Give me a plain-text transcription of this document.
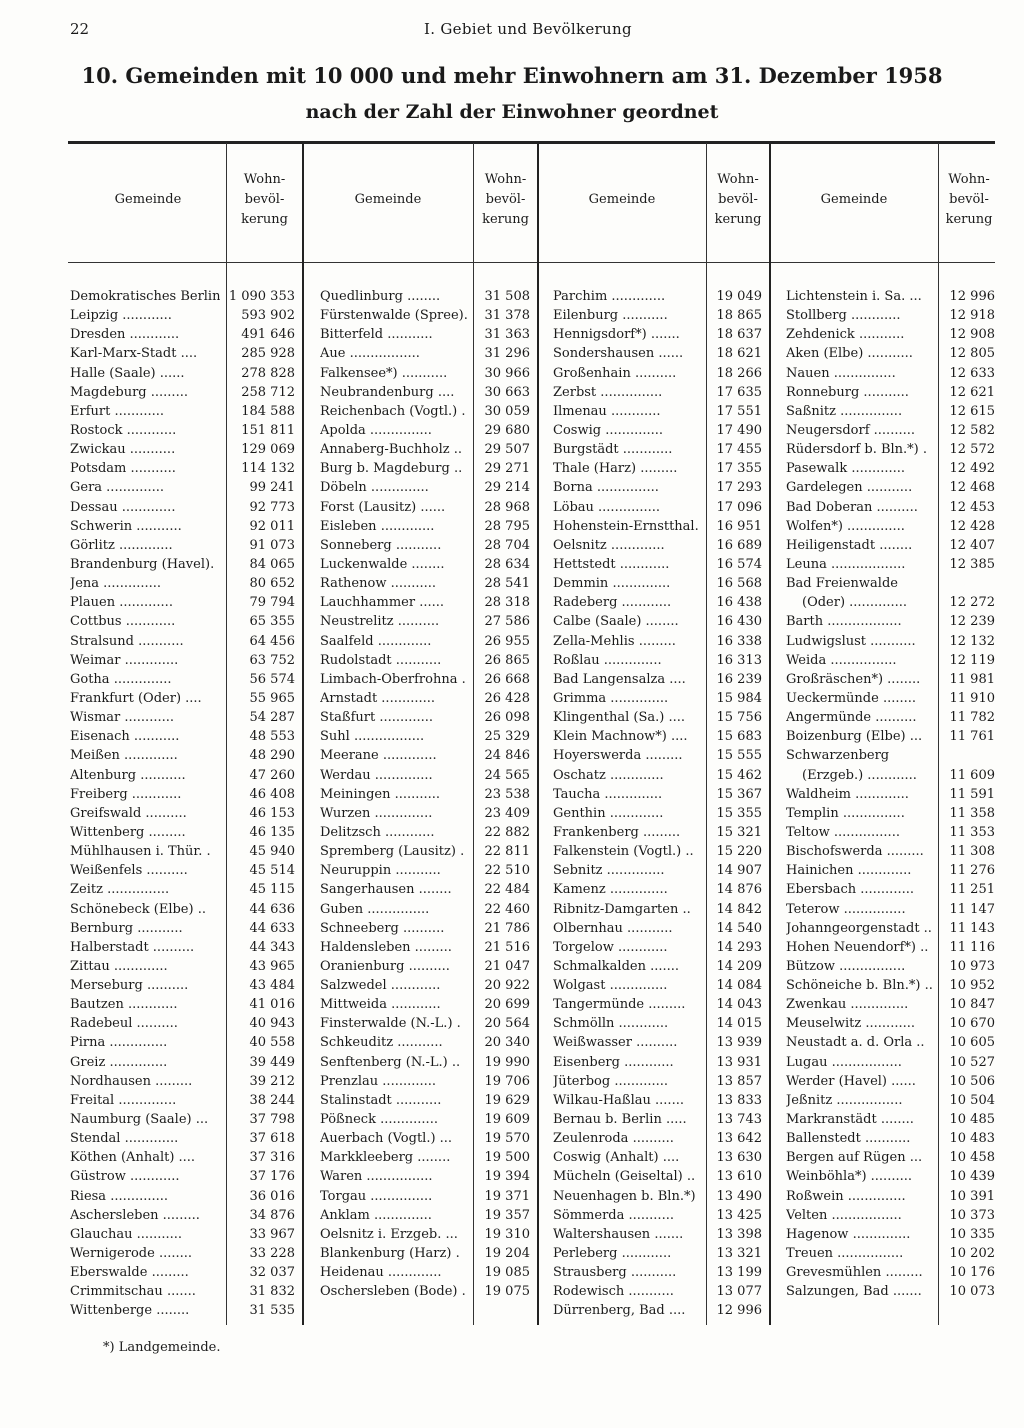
22	I. Gebiet und Bevölkerung
10. Gemeinden mit 10 000 und mehr Einwohnern am 31. Dezember 1958
nach der Zahl der Einwohner geordnet
Gemeinde
Wohn-
bevöl-
kerung
Gemeinde
Wohn-
bevöl-
kerung
Gemeinde
Wohn-
bevöl-
kerung
Gemeinde
Wohn-
bevöl-
kerung
Demokratisches Berlin
Leipzig ............
Dresden ............
Karl-Marx-Stadt ....
Halle (Saale) ......
Magdeburg .........
Erfurt ............
Rostock ............
Zwickau ...........
Potsdam ...........
Gera ..............
Dessau .............
Schwerin ...........
Görlitz .............
Brandenburg (Havel).
Jena ..............
Plauen .............
Cottbus ............
Stralsund ...........
Weimar .............
Gotha ..............
Frankfurt (Oder) ....
Wismar ............
Eisenach ...........
Meißen .............
Altenburg ...........
Freiberg ............
Greifswald ..........
Wittenberg .........
Mühlhausen i. Thür. .
Weißenfels ..........
Zeitz ...............
Schönebeck (Elbe) ..
Bernburg ...........
Halberstadt ..........
Zittau .............
Merseburg ..........
Bautzen ............
Radebeul ..........
Pirna ..............
Greiz ..............
Nordhausen .........
Freital ..............
Naumburg (Saale) ...
Stendal .............
Köthen (Anhalt) ....
Güstrow ............
Riesa ..............
Aschersleben .........
Glauchau ...........
Wernigerode ........
Eberswalde .........
Crimmitschau .......
Wittenberge ........
1 090 353
593 902
491 646
285 928
278 828
258 712
184 588
151 811
129 069
114 132
99 241
92 773
92 011
91 073
84 065
80 652
79 794
65 355
64 456
63 752
56 574
55 965
54 287
48 553
48 290
47 260
46 408
46 153
46 135
45 940
45 514
45 115
44 636
44 633
44 343
43 965
43 484
41 016
40 943
40 558
39 449
39 212
38 244
37 798
37 618
37 316
37 176
36 016
34 876
33 967
33 228
32 037
31 832
31 535
Quedlinburg ........
Fürstenwalde (Spree).
Bitterfeld ...........
Aue .................
Falkensee*) ...........
Neubrandenburg ....
Reichenbach (Vogtl.) .
Apolda ...............
Annaberg-Buchholz ..
Burg b. Magdeburg ..
Döbeln ..............
Forst (Lausitz) ......
Eisleben .............
Sonneberg ...........
Luckenwalde ........
Rathenow ...........
Lauchhammer ......
Neustrelitz ..........
Saalfeld .............
Rudolstadt ...........
Limbach-Oberfrohna .
Arnstadt .............
Staßfurt .............
Suhl .................
Meerane .............
Werdau ..............
Meiningen ...........
Wurzen ..............
Delitzsch ............
Spremberg (Lausitz) .
Neuruppin ...........
Sangerhausen ........
Guben ...............
Schneeberg ..........
Haldensleben .........
Oranienburg ..........
Salzwedel ............
Mittweida ............
Finsterwalde (N.-L.) .
Schkeuditz ...........
Senftenberg (N.-L.) ..
Prenzlau .............
Stalinstadt ...........
Pößneck ..............
Auerbach (Vogtl.) ...
Markkleeberg ........
Waren ................
Torgau ...............
Anklam ..............
Oelsnitz i. Erzgeb. ...
Blankenburg (Harz) .
Heidenau .............
Oschersleben (Bode) .
31 508
31 378
31 363
31 296
30 966
30 663
30 059
29 680
29 507
29 271
29 214
28 968
28 795
28 704
28 634
28 541
28 318
27 586
26 955
26 865
26 668
26 428
26 098
25 329
24 846
24 565
23 538
23 409
22 882
22 811
22 510
22 484
22 460
21 786
21 516
21 047
20 922
20 699
20 564
20 340
19 990
19 706
19 629
19 609
19 570
19 500
19 394
19 371
19 357
19 310
19 204
19 085
19 075
Parchim .............
Eilenburg ...........
Hennigsdorf*) .......
Sondershausen ......
Großenhain ..........
Zerbst ...............
Ilmenau ............
Coswig ..............
Burgstädt ............
Thale (Harz) .........
Borna ...............
Löbau ...............
Hohenstein-Ernstthal.
Oelsnitz .............
Hettstedt ............
Demmin ..............
Radeberg ............
Calbe (Saale) ........
Zella-Mehlis .........
Roßlau ..............
Bad Langensalza ....
Grimma ..............
Klingenthal (Sa.) ....
Klein Machnow*) ....
Hoyerswerda .........
Oschatz .............
Taucha ..............
Genthin .............
Frankenberg .........
Falkenstein (Vogtl.) ..
Sebnitz ..............
Kamenz ..............
Ribnitz-Damgarten ..
Olbernhau ...........
Torgelow ............
Schmalkalden .......
Wolgast ..............
Tangermünde .........
Schmölln ............
Weißwasser ..........
Eisenberg ............
Jüterbog .............
Wilkau-Haßlau .......
Bernau b. Berlin .....
Zeulenroda ..........
Coswig (Anhalt) ....
Mücheln (Geiseltal) ..
Neuenhagen b. Bln.*)
Sömmerda ...........
Waltershausen .......
Perleberg ............
Strausberg ...........
Rodewisch ...........
Dürrenberg, Bad ....
19 049
18 865
18 637
18 621
18 266
17 635
17 551
17 490
17 455
17 355
17 293
17 096
16 951
16 689
16 574
16 568
16 438
16 430
16 338
16 313
16 239
15 984
15 756
15 683
15 555
15 462
15 367
15 355
15 321
15 220
14 907
14 876
14 842
14 540
14 293
14 209
14 084
14 043
14 015
13 939
13 931
13 857
13 833
13 743
13 642
13 630
13 610
13 490
13 425
13 398
13 321
13 199
13 077
12 996
Lichtenstein i. Sa. ...
Stollberg ............
Zehdenick ...........
Aken (Elbe) ...........
Nauen ...............
Ronneburg ...........
Saßnitz ...............
Neugersdorf ..........
Rüdersdorf b. Bln.*) .
Pasewalk .............
Gardelegen ...........
Bad Doberan ..........
Wolfen*) ..............
Heiligenstadt ........
Leuna ..................
Bad Freienwalde
(Oder) ..............
Barth ..................
Ludwigslust ...........
Weida ................
Großräschen*) ........
Ueckermünde ........
Angermünde ..........
Boizenburg (Elbe) ...
Schwarzenberg
(Erzgeb.) ............
Waldheim .............
Templin ...............
Teltow ................
Bischofswerda .........
Hainichen .............
Ebersbach .............
Teterow ...............
Johanngeorgenstadt ..
Hohen Neuendorf*) ..
Bützow ................
Schöneiche b. Bln.*) ..
Zwenkau ..............
Meuselwitz ............
Neustadt a. d. Orla ..
Lugau .................
Werder (Havel) ......
Jeßnitz ................
Markranstädt ........
Ballenstedt ...........
Bergen auf Rügen ...
Weinböhla*) ..........
Roßwein ..............
Velten .................
Hagenow ..............
Treuen ................
Grevesmühlen .........
Salzungen, Bad .......
12 996
12 918
12 908
12 805
12 633
12 621
12 615
12 582
12 572
12 492
12 468
12 453
12 428
12 407
12 385
12 272
12 239
12 132
12 119
11 981
11 910
11 782
11 761
11 609
11 591
11 358
11 353
11 308
11 276
11 251
11 147
11 143
11 116
10 973
10 952
10 847
10 670
10 605
10 527
10 506
10 504
10 485
10 483
10 458
10 439
10 391
10 373
10 335
10 202
10 176
10 073
*) Landgemeinde.
